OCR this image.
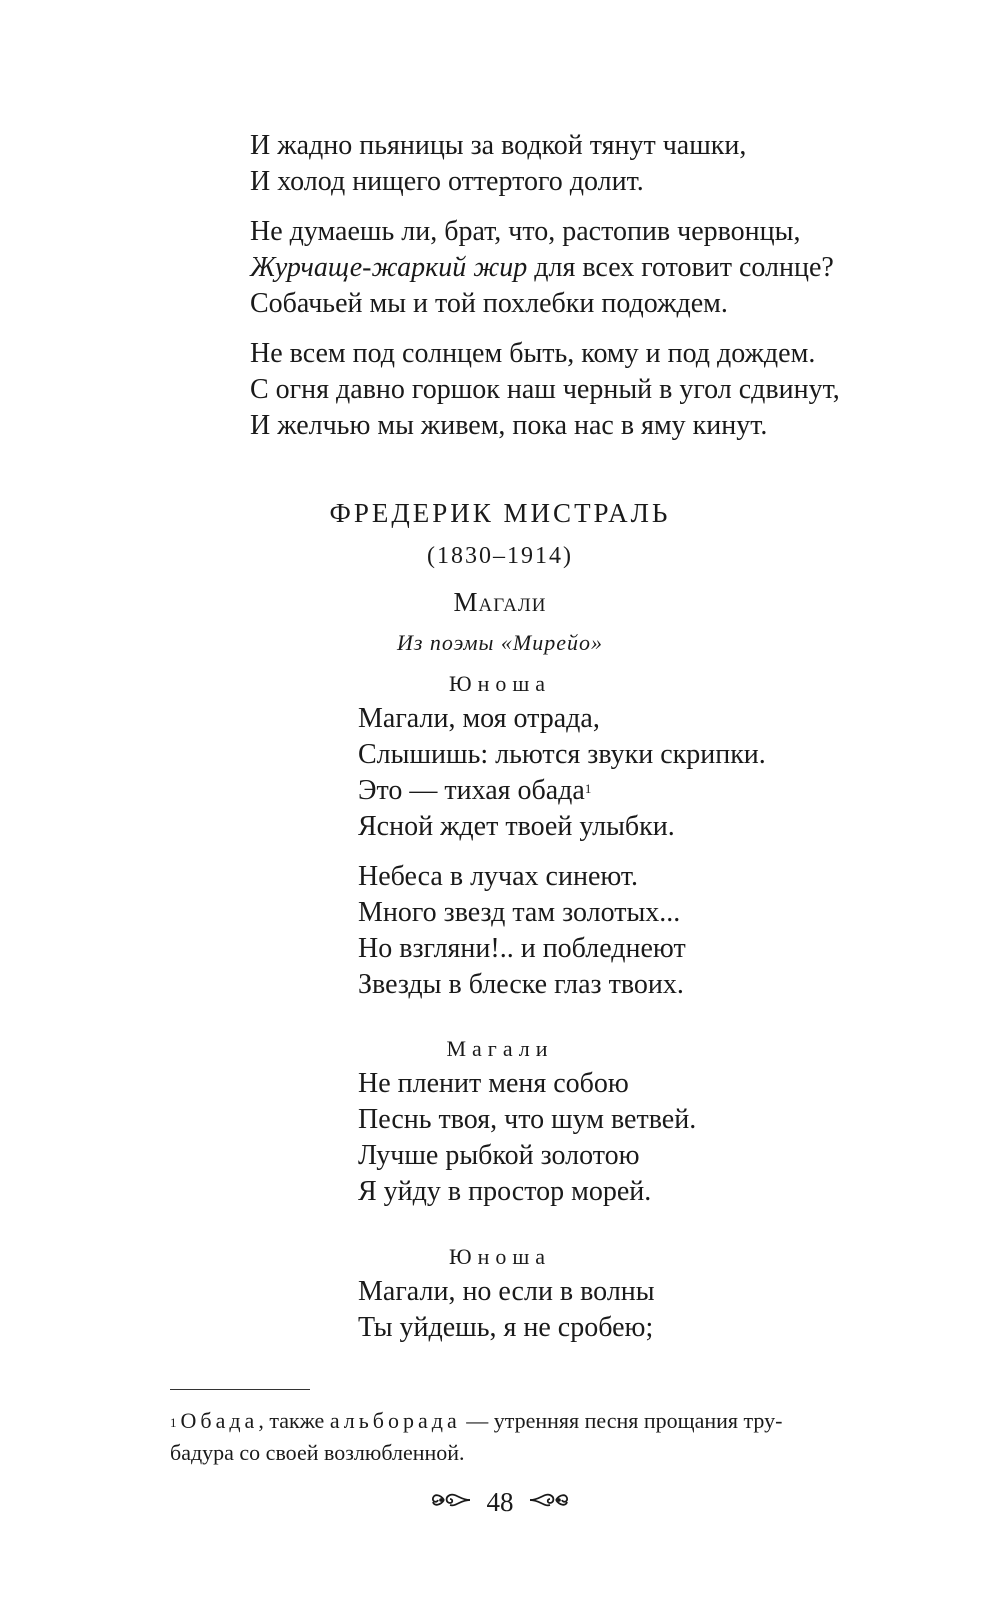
И жадно пьяницы за водкой тянут чашки,
И холод нищего оттертого долит.
Не думаешь ли, брат, что, растопив червонцы,
Журчаще-жаркий жир для всех готовит солнце?
Собачьей мы и той похлебки подождем.
Не всем под солнцем быть, кому и под дождем.
С огня давно горшок наш черный в угол сдвинут,
И желчью мы живем, пока нас в яму кинут.
ФРЕДЕРИК МИСТРАЛЬ
(1830–1914)
Магали
Из поэмы «Мирейо»
Юноша
Магали, моя отрада,
Слышишь: льются звуки скрипки.
Это — тихая обада$^1$
Ясной ждет твоей улыбки.
Небеса в лучах синеют.
Много звезд там золотых...
Но взгляни!.. и побледнеют
Звезды в блеске глаз твоих.
Магали
Не пленит меня собою
Песнь твоя, что шум ветвей.
Лучше рыбкой золотою
Я уйду в простор морей.
Юноша
Магали, но если в волны
Ты уйдешь, я не сробею;
$^1$ Обада, также альборада — утренняя песня прощания тру-
бадура со своей возлюбленной.
48
